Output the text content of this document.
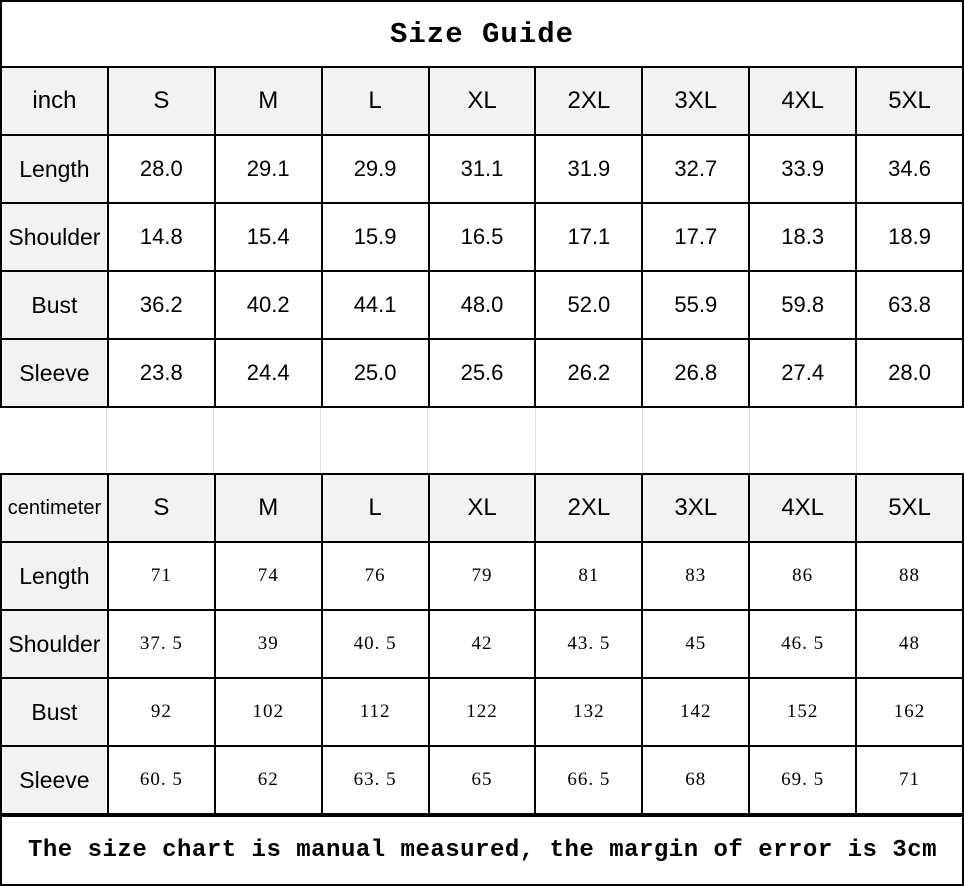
Size Guide
inch	S	M	L	XL	2XL	3XL	4XL	5XL
Length	28.0	29.1	29.9	31.1	31.9	32.7	33.9	34.6
Shoulder	14.8	15.4	15.9	16.5	17.1	17.7	18.3	18.9
Bust	36.2	40.2	44.1	48.0	52.0	55.9	59.8	63.8
Sleeve	23.8	24.4	25.0	25.6	26.2	26.8	27.4	28.0
centimeter	S	M	L	XL	2XL	3XL	4XL	5XL
Length	71	74	76	79	81	83	86	88
Shoulder	37. 5	39	40. 5	42	43. 5	45	46. 5	48
Bust	92	102	112	122	132	142	152	162
Sleeve	60. 5	62	63. 5	65	66. 5	68	69. 5	71
The size chart is manual measured, the margin of error is 3cm
